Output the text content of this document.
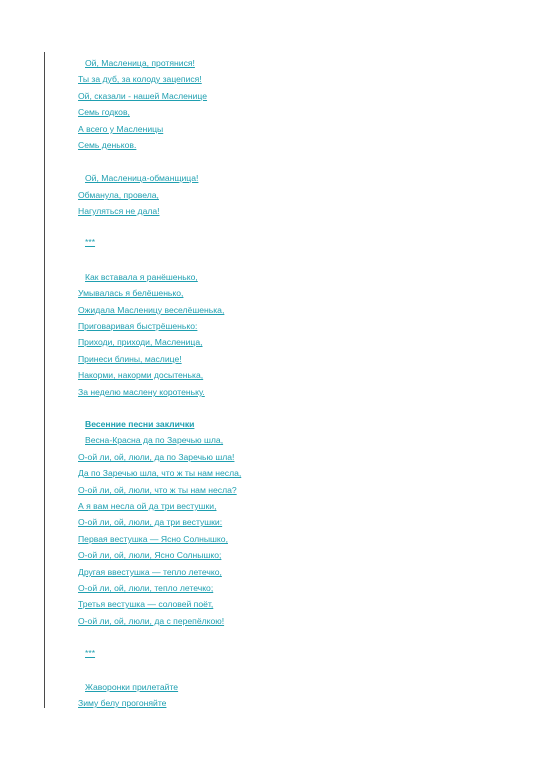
Ой, Масленица, протянися!
Ты за дуб, за колоду зацепися!
Ой, сказали - нашей Масленице
Семь годков,
А всего у Масленицы
Семь деньков.
Ой, Масленица-обманщица!
Обманула, провела,
Нагуляться не дала!
***
Как вставала я ранёшенько,
Умывалась я белёшенько,
Ожидала Масленицу веселёшенька,
Приговаривая быстрёшенько:
Приходи, приходи, Масленица,
Принеси блины, маслице!
Накорми, накорми досытенька,
За неделю маслену коротеньку.
Весенние песни заклички
Весна-Красна да по Заречью шла,
О-ой ли, ой, люли, да по Заречью шла!
Да по Заречью шла, что ж ты нам несла,
О-ой ли, ой, люли, что ж ты нам несла?
А я вам несла ой да три вестушки,
О-ой ли, ой, люли, да три вестушки:
Первая вестушка — Ясно Солнышко,
О-ой ли, ой, люли, Ясно Солнышко;
Другая ввестушка — тепло летечко,
О-ой ли, ой, люли, тепло летечко;
Третья вестушка — соловей поёт,
О-ой ли, ой, люли, да с перепёлкою!
***
Жаворонки прилетайте
Зиму белу прогоняйте
